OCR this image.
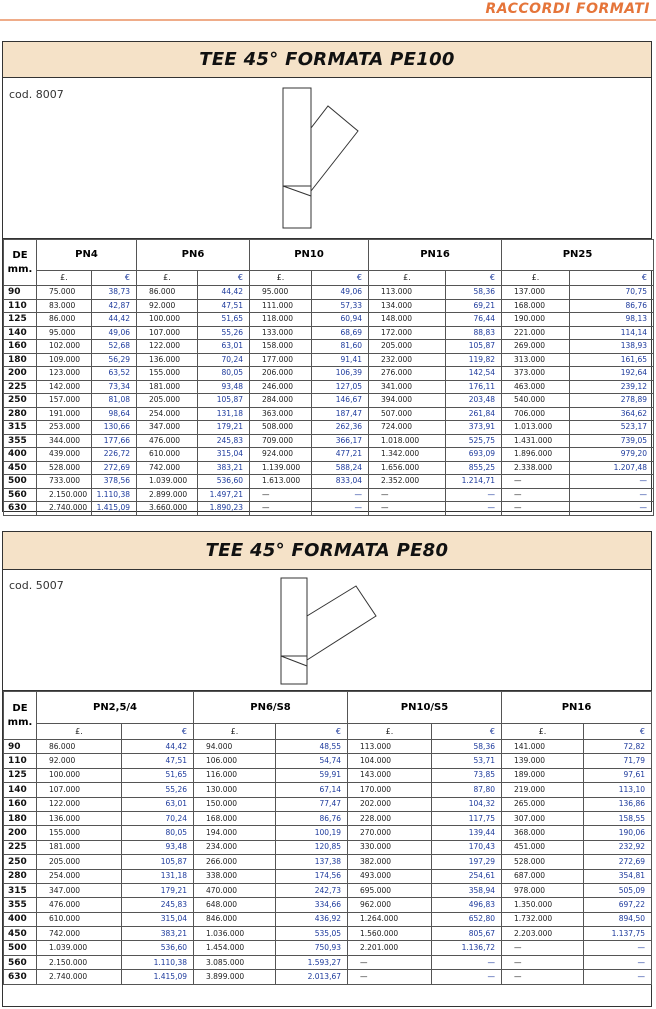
RACCORDI FORMATI
TEE 45° FORMATA PE100
cod. 8007
DE
mm.	PN4		PN6		PN10		PN16		PN25	
	£.	€	£.	€	£.	€	£.	€	£.	€
90	75.000	38,73	86.000	44,42	95.000	49,06	113.000	58,36	137.000	70,75
110	83.000	42,87	92.000	47,51	111.000	57,33	134.000	69,21	168.000	86,76
125	86.000	44,42	100.000	51,65	118.000	60,94	148.000	76,44	190.000	98,13
140	95.000	49,06	107.000	55,26	133.000	68,69	172.000	88,83	221.000	114,14
160	102.000	52,68	122.000	63,01	158.000	81,60	205.000	105,87	269.000	138,93
180	109.000	56,29	136.000	70,24	177.000	91,41	232.000	119,82	313.000	161,65
200	123.000	63,52	155.000	80,05	206.000	106,39	276.000	142,54	373.000	192,64
225	142.000	73,34	181.000	93,48	246.000	127,05	341.000	176,11	463.000	239,12
250	157.000	81,08	205.000	105,87	284.000	146,67	394.000	203,48	540.000	278,89
280	191.000	98,64	254.000	131,18	363.000	187,47	507.000	261,84	706.000	364,62
315	253.000	130,66	347.000	179,21	508.000	262,36	724.000	373,91	1.013.000	523,17
355	344.000	177,66	476.000	245,83	709.000	366,17	1.018.000	525,75	1.431.000	739,05
400	439.000	226,72	610.000	315,04	924.000	477,21	1.342.000	693,09	1.896.000	979,20
450	528.000	272,69	742.000	383,21	1.139.000	588,24	1.656.000	855,25	2.338.000	1.207,48
500	733.000	378,56	1.039.000	536,60	1.613.000	833,04	2.352.000	1.214,71	—	—
560	2.150.000	1.110,38	2.899.000	1.497,21	—	—	—	—	—	—
630	2.740.000	1.415,09	3.660.000	1.890,23	—	—	—	—	—	—
TEE 45° FORMATA PE80
cod. 5007
DE
mm.	PN2,5/4		PN6/S8		PN10/S5		PN16	
	£.	€	£.	€	£.	€	£.	€
90	86.000	44,42	94.000	48,55	113.000	58,36	141.000	72,82
110	92.000	47,51	106.000	54,74	104.000	53,71	139.000	71,79
125	100.000	51,65	116.000	59,91	143.000	73,85	189.000	97,61
140	107.000	55,26	130.000	67,14	170.000	87,80	219.000	113,10
160	122.000	63,01	150.000	77,47	202.000	104,32	265.000	136,86
180	136.000	70,24	168.000	86,76	228.000	117,75	307.000	158,55
200	155.000	80,05	194.000	100,19	270.000	139,44	368.000	190,06
225	181.000	93,48	234.000	120,85	330.000	170,43	451.000	232,92
250	205.000	105,87	266.000	137,38	382.000	197,29	528.000	272,69
280	254.000	131,18	338.000	174,56	493.000	254,61	687.000	354,81
315	347.000	179,21	470.000	242,73	695.000	358,94	978.000	505,09
355	476.000	245,83	648.000	334,66	962.000	496,83	1.350.000	697,22
400	610.000	315,04	846.000	436,92	1.264.000	652,80	1.732.000	894,50
450	742.000	383,21	1.036.000	535,05	1.560.000	805,67	2.203.000	1.137,75
500	1.039.000	536,60	1.454.000	750,93	2.201.000	1.136,72	—	—
560	2.150.000	1.110,38	3.085.000	1.593,27	—	—	—	—
630	2.740.000	1.415,09	3.899.000	2.013,67	—	—	—	—
